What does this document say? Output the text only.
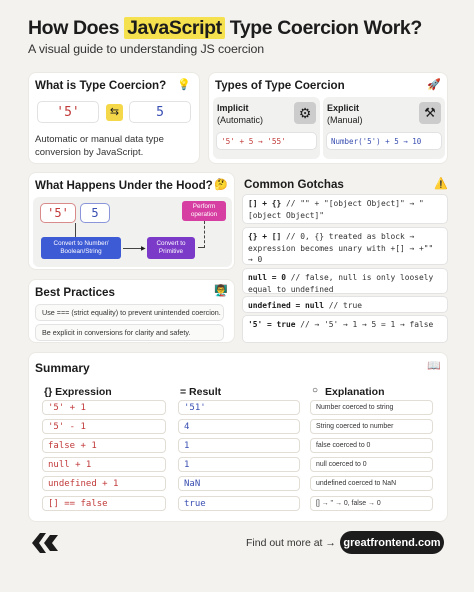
How Does JavaScript Type Coercion Work?
A visual guide to understanding JS coercion
What is Type Coercion? 💡
'5'	⇆	5
Automatic or manual data type conversion by JavaScript.
Types of Type Coercion	🚀
Implicit
(Automatic)	⚙
'5' + 5 → '55'
Explicit
(Manual)	⚒
Number('5') + 5 → 10
What Happens Under the Hood? 🤔
'5'	5
Convert to Number/ Boolean/String	▶
Convert to Primitive
Perform operation
Common Gotchas	⚠️
[] + {} // "" + "[object Object]" → "[object Object]"
{} + [] // 0, {} treated as block → expression becomes unary with +[] → +"" → 0
null = 0 // false, null is only loosely equal to undefined
undefined = null // true
'5' = true // → '5' → 1 → 5 = 1 → false
Best Practices	👨‍🏫
Use === (strict equality) to prevent unintended coercion.
Be explicit in conversions for clarity and safety.
Summary	📖
{} Expression	= Result	○ Explanation
'5' + 1	'51'	Number coerced to string
'5' - 1	4	String coerced to number
false + 1	1	false coerced to 0
null + 1	1	null coerced to 0
undefined + 1	NaN	undefined coerced to NaN
[] == false	true	[] → '' → 0, false → 0
Find out more at → greatfrontend.com
